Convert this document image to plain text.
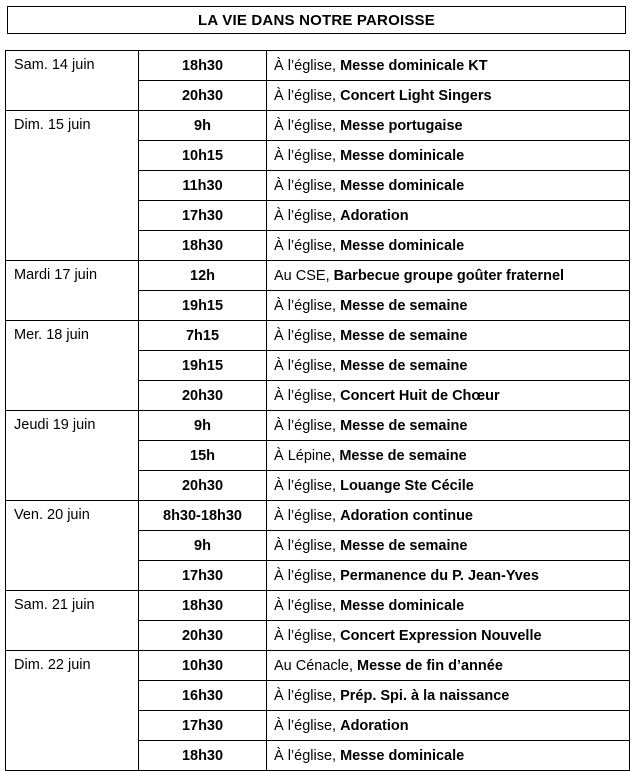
LA VIE DANS NOTRE PAROISSE
Sam. 14 juin	18h30	À l’église, Messe dominicale KT
	20h30	À l’église, Concert Light Singers
Dim. 15 juin	9h	À l’église, Messe portugaise
	10h15	À l’église, Messe dominicale
	11h30	À l’église, Messe dominicale
	17h30	À l’église, Adoration
	18h30	À l’église, Messe dominicale
Mardi 17 juin	12h	Au CSE, Barbecue groupe goûter fraternel
	19h15	À l’église, Messe de semaine
Mer. 18 juin	7h15	À l’église, Messe de semaine
	19h15	À l’église, Messe de semaine
	20h30	À l’église, Concert Huit de Chœur
Jeudi 19 juin	9h	À l’église, Messe de semaine
	15h	À Lépine, Messe de semaine
	20h30	À l’église, Louange Ste Cécile
Ven. 20 juin	8h30-18h30	À l’église, Adoration continue
	9h	À l’église, Messe de semaine
	17h30	À l’église, Permanence du P. Jean-Yves
Sam. 21 juin	18h30	À l’église, Messe dominicale
	20h30	À l’église, Concert Expression Nouvelle
Dim. 22 juin	10h30	Au Cénacle, Messe de fin d’année
	16h30	À l’église, Prép. Spi. à la naissance
	17h30	À l’église, Adoration
	18h30	À l’église, Messe dominicale
